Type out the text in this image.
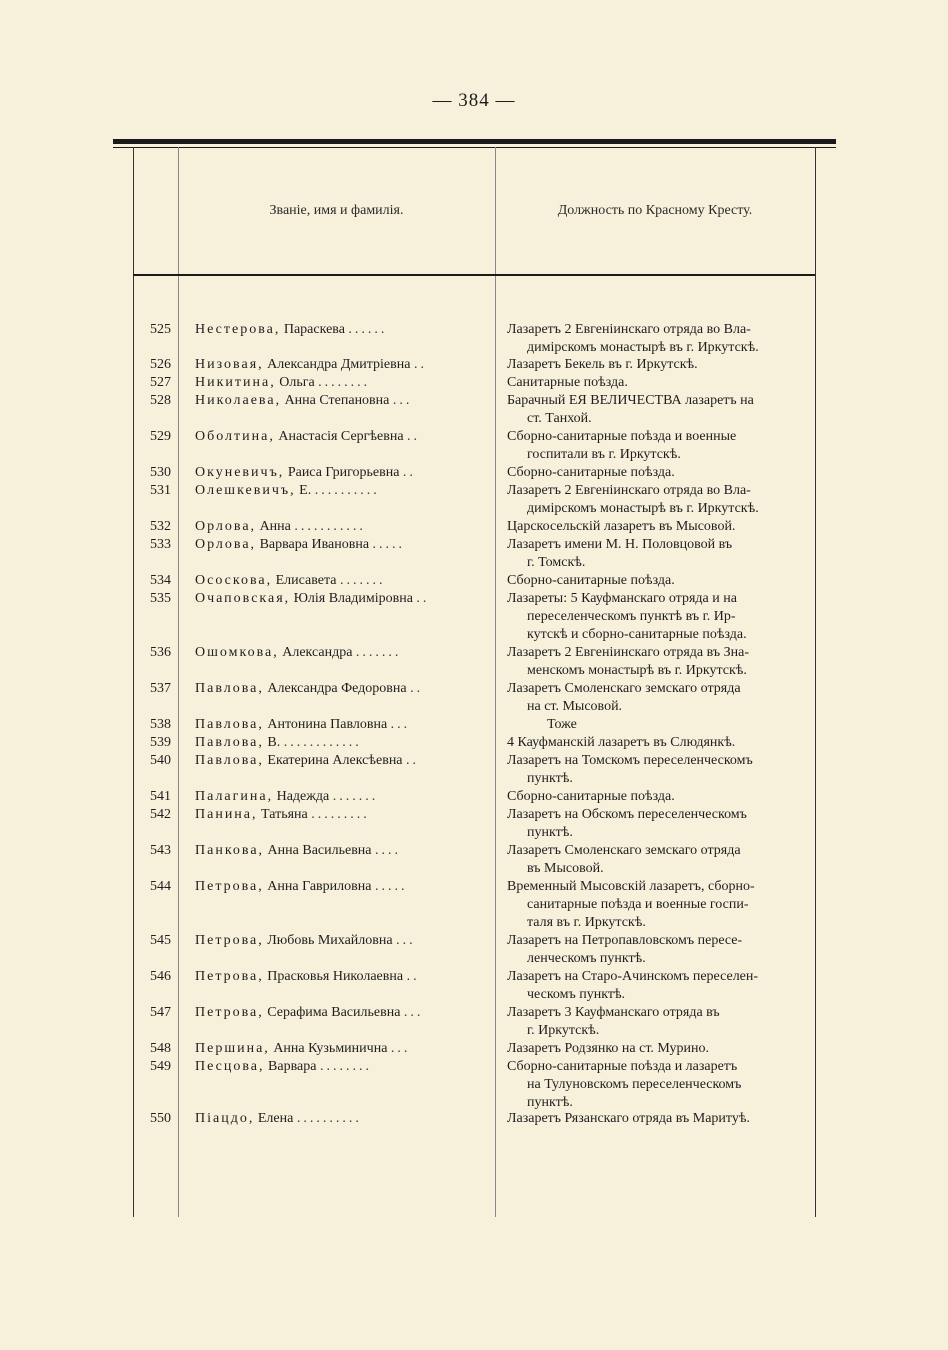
— 384 —
Званіе, имя и фамилія.	Должность по Красному Кресту.
525 Нестерова, Параскева ......	Лазаретъ 2 Евгеніинскаго отряда во Вла-
димірскомъ монастырѣ въ г. Иркутскѣ.
526 Низовая, Александра Дмитріевна ..	Лазаретъ Бекель въ г. Иркутскѣ.
527 Никитина, Ольга ........	Санитарные поѣзда.
528 Николаева, Анна Степановна ...	Барачный ЕЯ ВЕЛИЧЕСТВА лазаретъ на
ст. Танхой.
529 Оболтина, Анастасія Сергѣевна ..	Сборно-санитарные поѣзда и военные
госпитали въ г. Иркутскѣ.
530 Окуневичъ, Раиса Григорьевна ..	Сборно-санитарные поѣзда.
531 Олешкевичъ, Е. ..........	Лазаретъ 2 Евгеніинскаго отряда во Вла-
димірскомъ монастырѣ въ г. Иркутскѣ.
532 Орлова, Анна ...........	Царскосельскій лазаретъ въ Мысовой.
533 Орлова, Варвара Ивановна .....	Лазаретъ имени М. Н. Половцовой въ
г. Томскѣ.
534 Ососкова, Елисавета .......	Сборно-санитарные поѣзда.
535 Очаповская, Юлія Владиміровна ..	Лазареты: 5 Кауфманскаго отряда и на
переселенческомъ пунктѣ въ г. Ир-
кутскѣ и сборно-санитарные поѣзда.
536 Ошомкова, Александра .......	Лазаретъ 2 Евгеніинскаго отряда въ Зна-
менскомъ монастырѣ въ г. Иркутскѣ.
537 Павлова, Александра Федоровна ..	Лазаретъ Смоленскаго земскаго отряда
на ст. Мысовой.
538 Павлова, Антонина Павловна ...	Тоже
539 Павлова, В. ............	4 Кауфманскій лазаретъ въ Слюдянкѣ.
540 Павлова, Екатерина Алексѣевна ..	Лазаретъ на Томскомъ переселенческомъ
пунктѣ.
541 Палагина, Надежда .......	Сборно-санитарные поѣзда.
542 Панина, Татьяна .........	Лазаретъ на Обскомъ переселенческомъ
пунктѣ.
543 Панкова, Анна Васильевна ....	Лазаретъ Смоленскаго земскаго отряда
въ Мысовой.
544 Петрова, Анна Гавриловна .....	Временный Мысовскій лазаретъ, сборно-
санитарные поѣзда и военные госпи-
таля въ г. Иркутскѣ.
545 Петрова, Любовь Михайловна ...	Лазаретъ на Петропавловскомъ пересе-
ленческомъ пунктѣ.
546 Петрова, Прасковья Николаевна ..	Лазаретъ на Старо-Ачинскомъ переселен-
ческомъ пунктѣ.
547 Петрова, Серафима Васильевна ...	Лазаретъ 3 Кауфманскаго отряда въ
г. Иркутскѣ.
548 Першина, Анна Кузьминична ...	Лазаретъ Родзянко на ст. Мурино.
549 Песцова, Варвара ........	Сборно-санитарные поѣзда и лазаретъ
на Тулуновскомъ переселенческомъ
пунктѣ.
550 Піацдо, Елена ..........	Лазаретъ Рязанскаго отряда въ Маритуѣ.
